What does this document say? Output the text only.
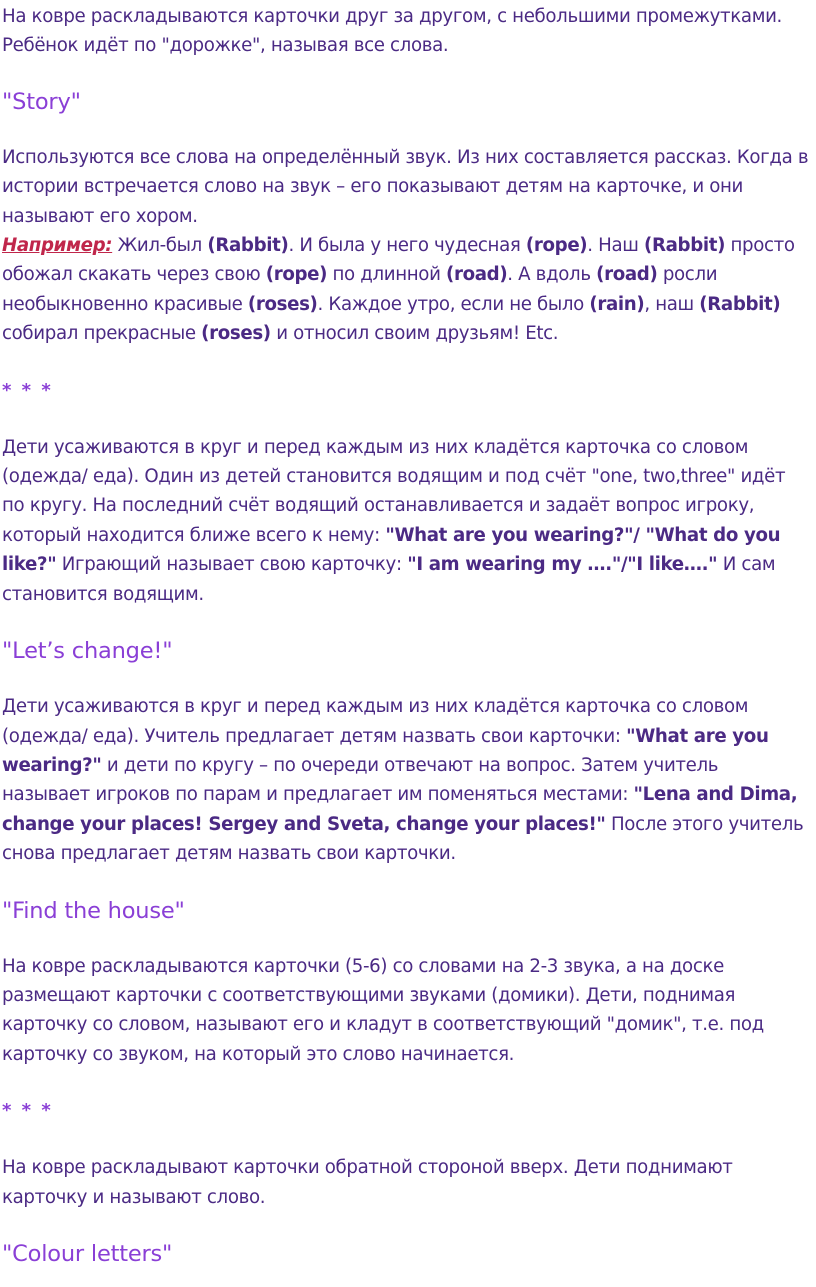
На ковре раскладываются карточки друг за другом, с небольшими промежутками. Ребёнок идёт по "дорожке", называя все слова.

"Story"

Используются все слова на определённый звук. Из них составляется рассказ. Когда в истории встречается слово на звук – его показывают детям на карточке, и они называют его хором.

Например: Жил-был (Rabbit). И была у него чудесная (rope). Наш (Rabbit) просто обожал скакать через свою (rope) по длинной (road). А вдоль (road) росли необыкновенно красивые (roses). Каждое утро, если не было (rain), наш (Rabbit) собирал прекрасные (roses) и относил своим друзьям! Etc.

* * *

Дети усаживаются в круг и перед каждым из них кладётся карточка со словом (одежда/ еда). Один из детей становится водящим и под счёт "one, two,three" идёт по кругу. На последний счёт водящий останавливается и задаёт вопрос игроку, который находится ближе всего к нему: "What are you wearing?"/ "What do you like?" Играющий называет свою карточку: "I am wearing my …."/"I like…." И сам становится водящим.

"Let’s change!"

Дети усаживаются в круг и перед каждым из них кладётся карточка со словом (одежда/ еда). Учитель предлагает детям назвать свои карточки: "What are you wearing?" и дети по кругу – по очереди отвечают на вопрос. Затем учитель называет игроков по парам и предлагает им поменяться местами: "Lena and Dima, change your places! Sergey and Sveta, change your places!" После этого учитель снова предлагает детям назвать свои карточки.

"Find the house"

На ковре раскладываются карточки (5-6) со словами на 2-3 звука, а на доске размещают карточки с соответствующими звуками (домики). Дети, поднимая карточку со словом, называют его и кладут в соответствующий "домик", т.е. под карточку со звуком, на который это слово начинается.

* * *

На ковре раскладывают карточки обратной стороной вверх. Дети поднимают карточку и называют слово.

"Colour letters"
